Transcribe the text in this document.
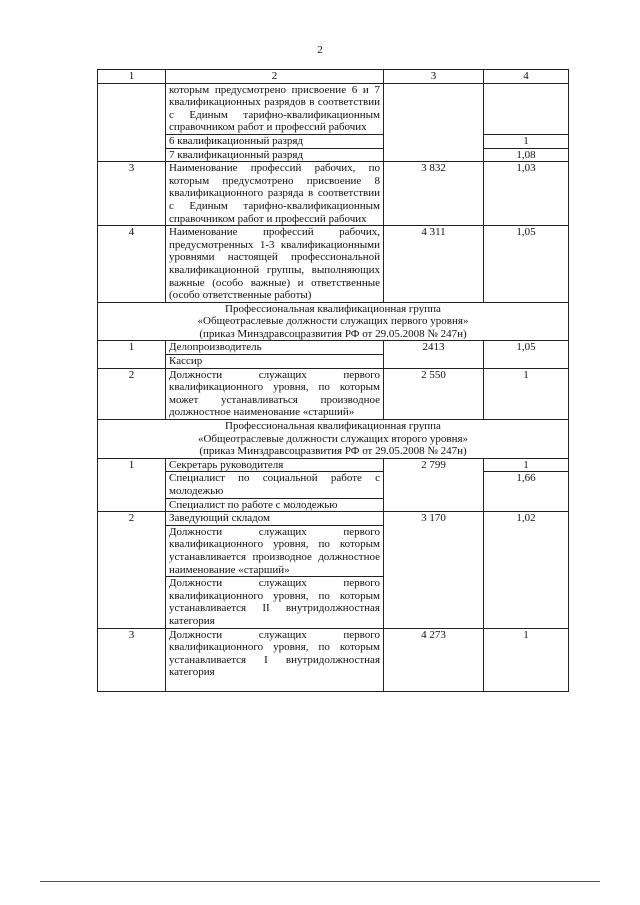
2
1	2	3	4
	которым предусмотрено присвоение 6 и 7 квалификационных разрядов в соответствии с Единым тарифно-квалификационным справочником работ и профессий рабочих		
	6 квалификационный разряд		1
	7 квалификационный разряд		1,08
3	Наименование профессий рабочих, по которым предусмотрено присвоение 8 квалификационного разряда в соответствии с Единым тарифно-квалификационным справочником работ и профессий рабочих	3 832	1,03
4	Наименование профессий рабочих, предусмотренных 1-3 квалификационными уровнями настоящей профессиональной квалификационной группы, выполняющих важные (особо важные) и ответственные (особо ответственные работы)	4 311	1,05

Профессиональная квалификационная группа
«Общеотраслевые должности служащих первого уровня»
(приказ Минздравсоцразвития РФ от 29.05.2008 № 247н)			

1	Делопроизводитель	2413	1,05
	Кассир		
2	Должности служащих первого квалификационного уровня, по которым может устанавливаться производное должностное наименование «старший»	2 550	1

Профессиональная квалификационная группа
«Общеотраслевые должности служащих второго уровня»
(приказ Минздравсоцразвития РФ от 29.05.2008 № 247н)			

1	Секретарь руководителя	2 799	1
	Специалист по социальной работе с молодежью		1,66
	Специалист по работе с молодежью		
2	Заведующий складом	3 170	1,02
	Должности служащих первого квалификационного уровня, по которым устанавливается производное должностное наименование «старший»		
	Должности служащих первого квалификационного уровня, по которым устанавливается II внутридолжностная категория		
3	Должности служащих первого квалификационного уровня, по которым устанавливается I внутридолжностная категория	4 273	1
